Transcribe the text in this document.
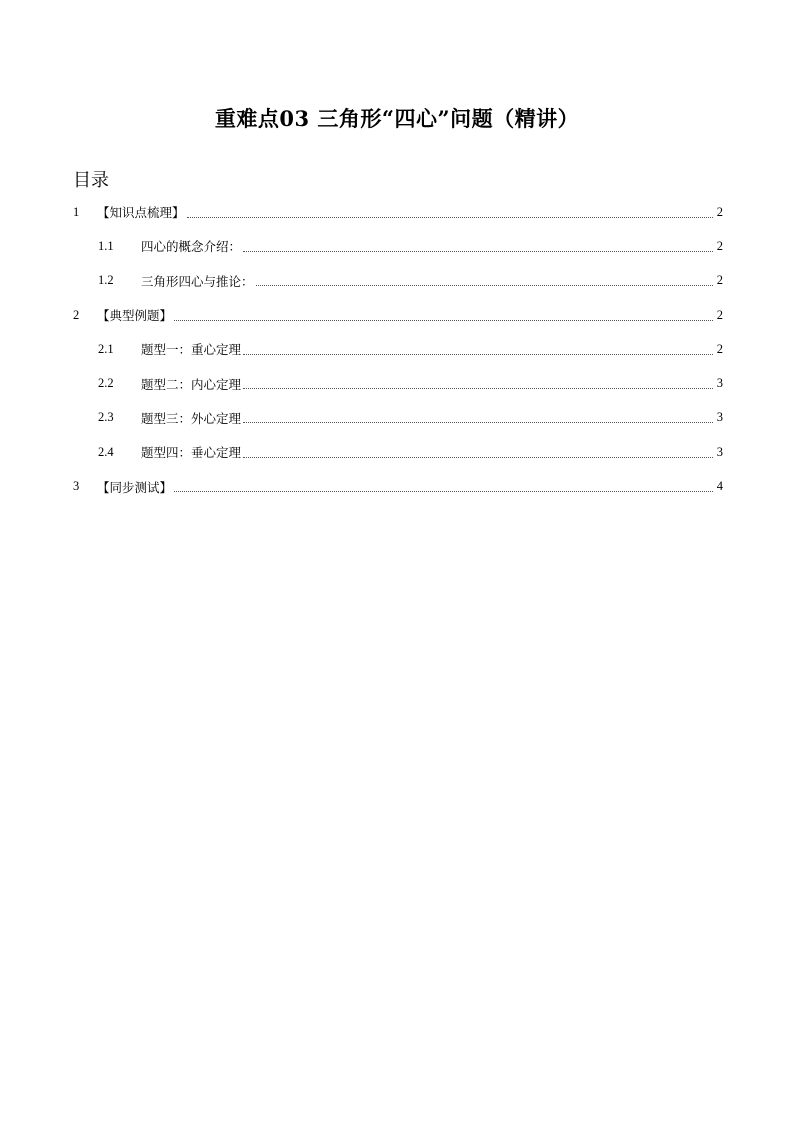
重难点03 三角形“四心”问题（精讲）
目录
1	【知识点梳理】	2
1.1	四心的概念介绍：	2
1.2	三角形四心与推论：	2
2	【典型例题】	2
2.1	题型一：重心定理	2
2.2	题型二：内心定理	3
2.3	题型三：外心定理	3
2.4	题型四：垂心定理	3
3	【同步测试】	4
